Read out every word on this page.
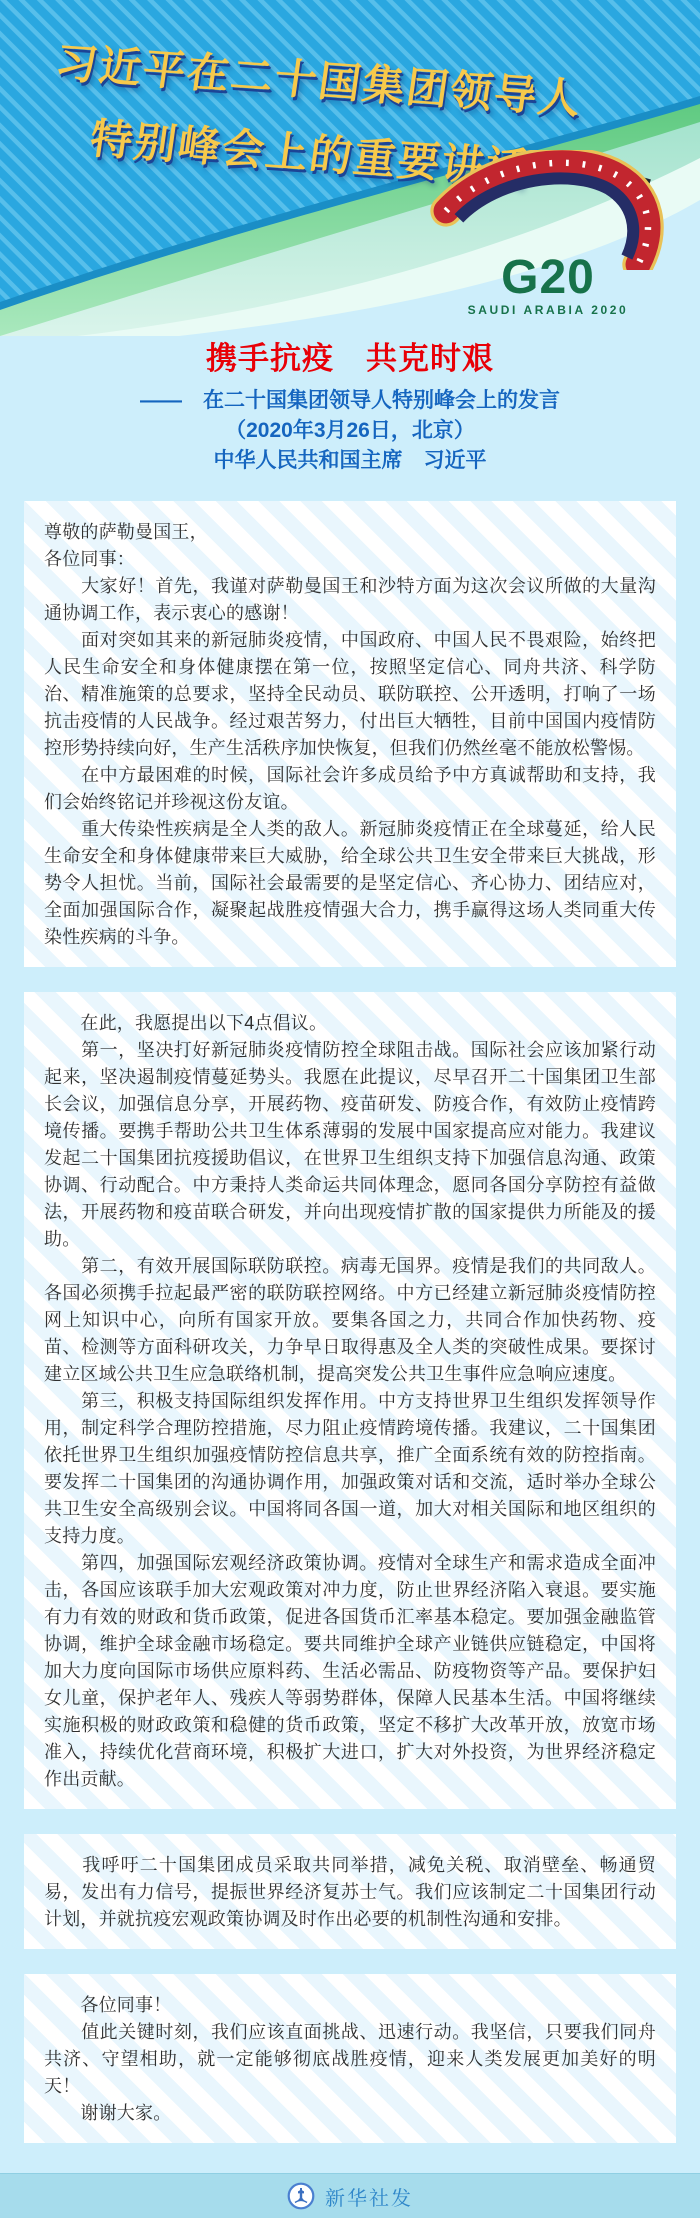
习近平在二十国集团领导人
特别峰会上的重要讲话
G20
SAUDI ARABIA 2020
携手抗疫　共克时艰
——　在二十国集团领导人特别峰会上的发言
（2020年3月26日，北京）
中华人民共和国主席　习近平

尊敬的萨勒曼国王，

各位同事：

　　大家好！首先，我谨对萨勒曼国王和沙特方面为这次会议所做的大量沟通协调工作，表示衷心的感谢！

　　面对突如其来的新冠肺炎疫情，中国政府、中国人民不畏艰险，始终把人民生命安全和身体健康摆在第一位，按照坚定信心、同舟共济、科学防治、精准施策的总要求，坚持全民动员、联防联控、公开透明，打响了一场抗击疫情的人民战争。经过艰苦努力，付出巨大牺牲，目前中国国内疫情防控形势持续向好，生产生活秩序加快恢复，但我们仍然丝毫不能放松警惕。

　　在中方最困难的时候，国际社会许多成员给予中方真诚帮助和支持，我们会始终铭记并珍视这份友谊。

　　重大传染性疾病是全人类的敌人。新冠肺炎疫情正在全球蔓延，给人民生命安全和身体健康带来巨大威胁，给全球公共卫生安全带来巨大挑战，形势令人担忧。当前，国际社会最需要的是坚定信心、齐心协力、团结应对，全面加强国际合作，凝聚起战胜疫情强大合力，携手赢得这场人类同重大传染性疾病的斗争。

　　在此，我愿提出以下4点倡议。

　　第一，坚决打好新冠肺炎疫情防控全球阻击战。国际社会应该加紧行动起来，坚决遏制疫情蔓延势头。我愿在此提议，尽早召开二十国集团卫生部长会议，加强信息分享，开展药物、疫苗研发、防疫合作，有效防止疫情跨境传播。要携手帮助公共卫生体系薄弱的发展中国家提高应对能力。我建议发起二十国集团抗疫援助倡议，在世界卫生组织支持下加强信息沟通、政策协调、行动配合。中方秉持人类命运共同体理念，愿同各国分享防控有益做法，开展药物和疫苗联合研发，并向出现疫情扩散的国家提供力所能及的援助。

　　第二，有效开展国际联防联控。病毒无国界。疫情是我们的共同敌人。各国必须携手拉起最严密的联防联控网络。中方已经建立新冠肺炎疫情防控网上知识中心，向所有国家开放。要集各国之力，共同合作加快药物、疫苗、检测等方面科研攻关，力争早日取得惠及全人类的突破性成果。要探讨建立区域公共卫生应急联络机制，提高突发公共卫生事件应急响应速度。

　　第三，积极支持国际组织发挥作用。中方支持世界卫生组织发挥领导作用，制定科学合理防控措施，尽力阻止疫情跨境传播。我建议，二十国集团依托世界卫生组织加强疫情防控信息共享，推广全面系统有效的防控指南。要发挥二十国集团的沟通协调作用，加强政策对话和交流，适时举办全球公共卫生安全高级别会议。中国将同各国一道，加大对相关国际和地区组织的支持力度。

　　第四，加强国际宏观经济政策协调。疫情对全球生产和需求造成全面冲击，各国应该联手加大宏观政策对冲力度，防止世界经济陷入衰退。要实施有力有效的财政和货币政策，促进各国货币汇率基本稳定。要加强金融监管协调，维护全球金融市场稳定。要共同维护全球产业链供应链稳定，中国将加大力度向国际市场供应原料药、生活必需品、防疫物资等产品。要保护妇女儿童，保护老年人、残疾人等弱势群体，保障人民基本生活。中国将继续实施积极的财政政策和稳健的货币政策，坚定不移扩大改革开放，放宽市场准入，持续优化营商环境，积极扩大进口，扩大对外投资，为世界经济稳定作出贡献。

　　我呼吁二十国集团成员采取共同举措，减免关税、取消壁垒、畅通贸易，发出有力信号，提振世界经济复苏士气。我们应该制定二十国集团行动计划，并就抗疫宏观政策协调及时作出必要的机制性沟通和安排。

　　各位同事！

　　值此关键时刻，我们应该直面挑战、迅速行动。我坚信，只要我们同舟共济、守望相助，就一定能够彻底战胜疫情，迎来人类发展更加美好的明天！

　　谢谢大家。

新华社发
